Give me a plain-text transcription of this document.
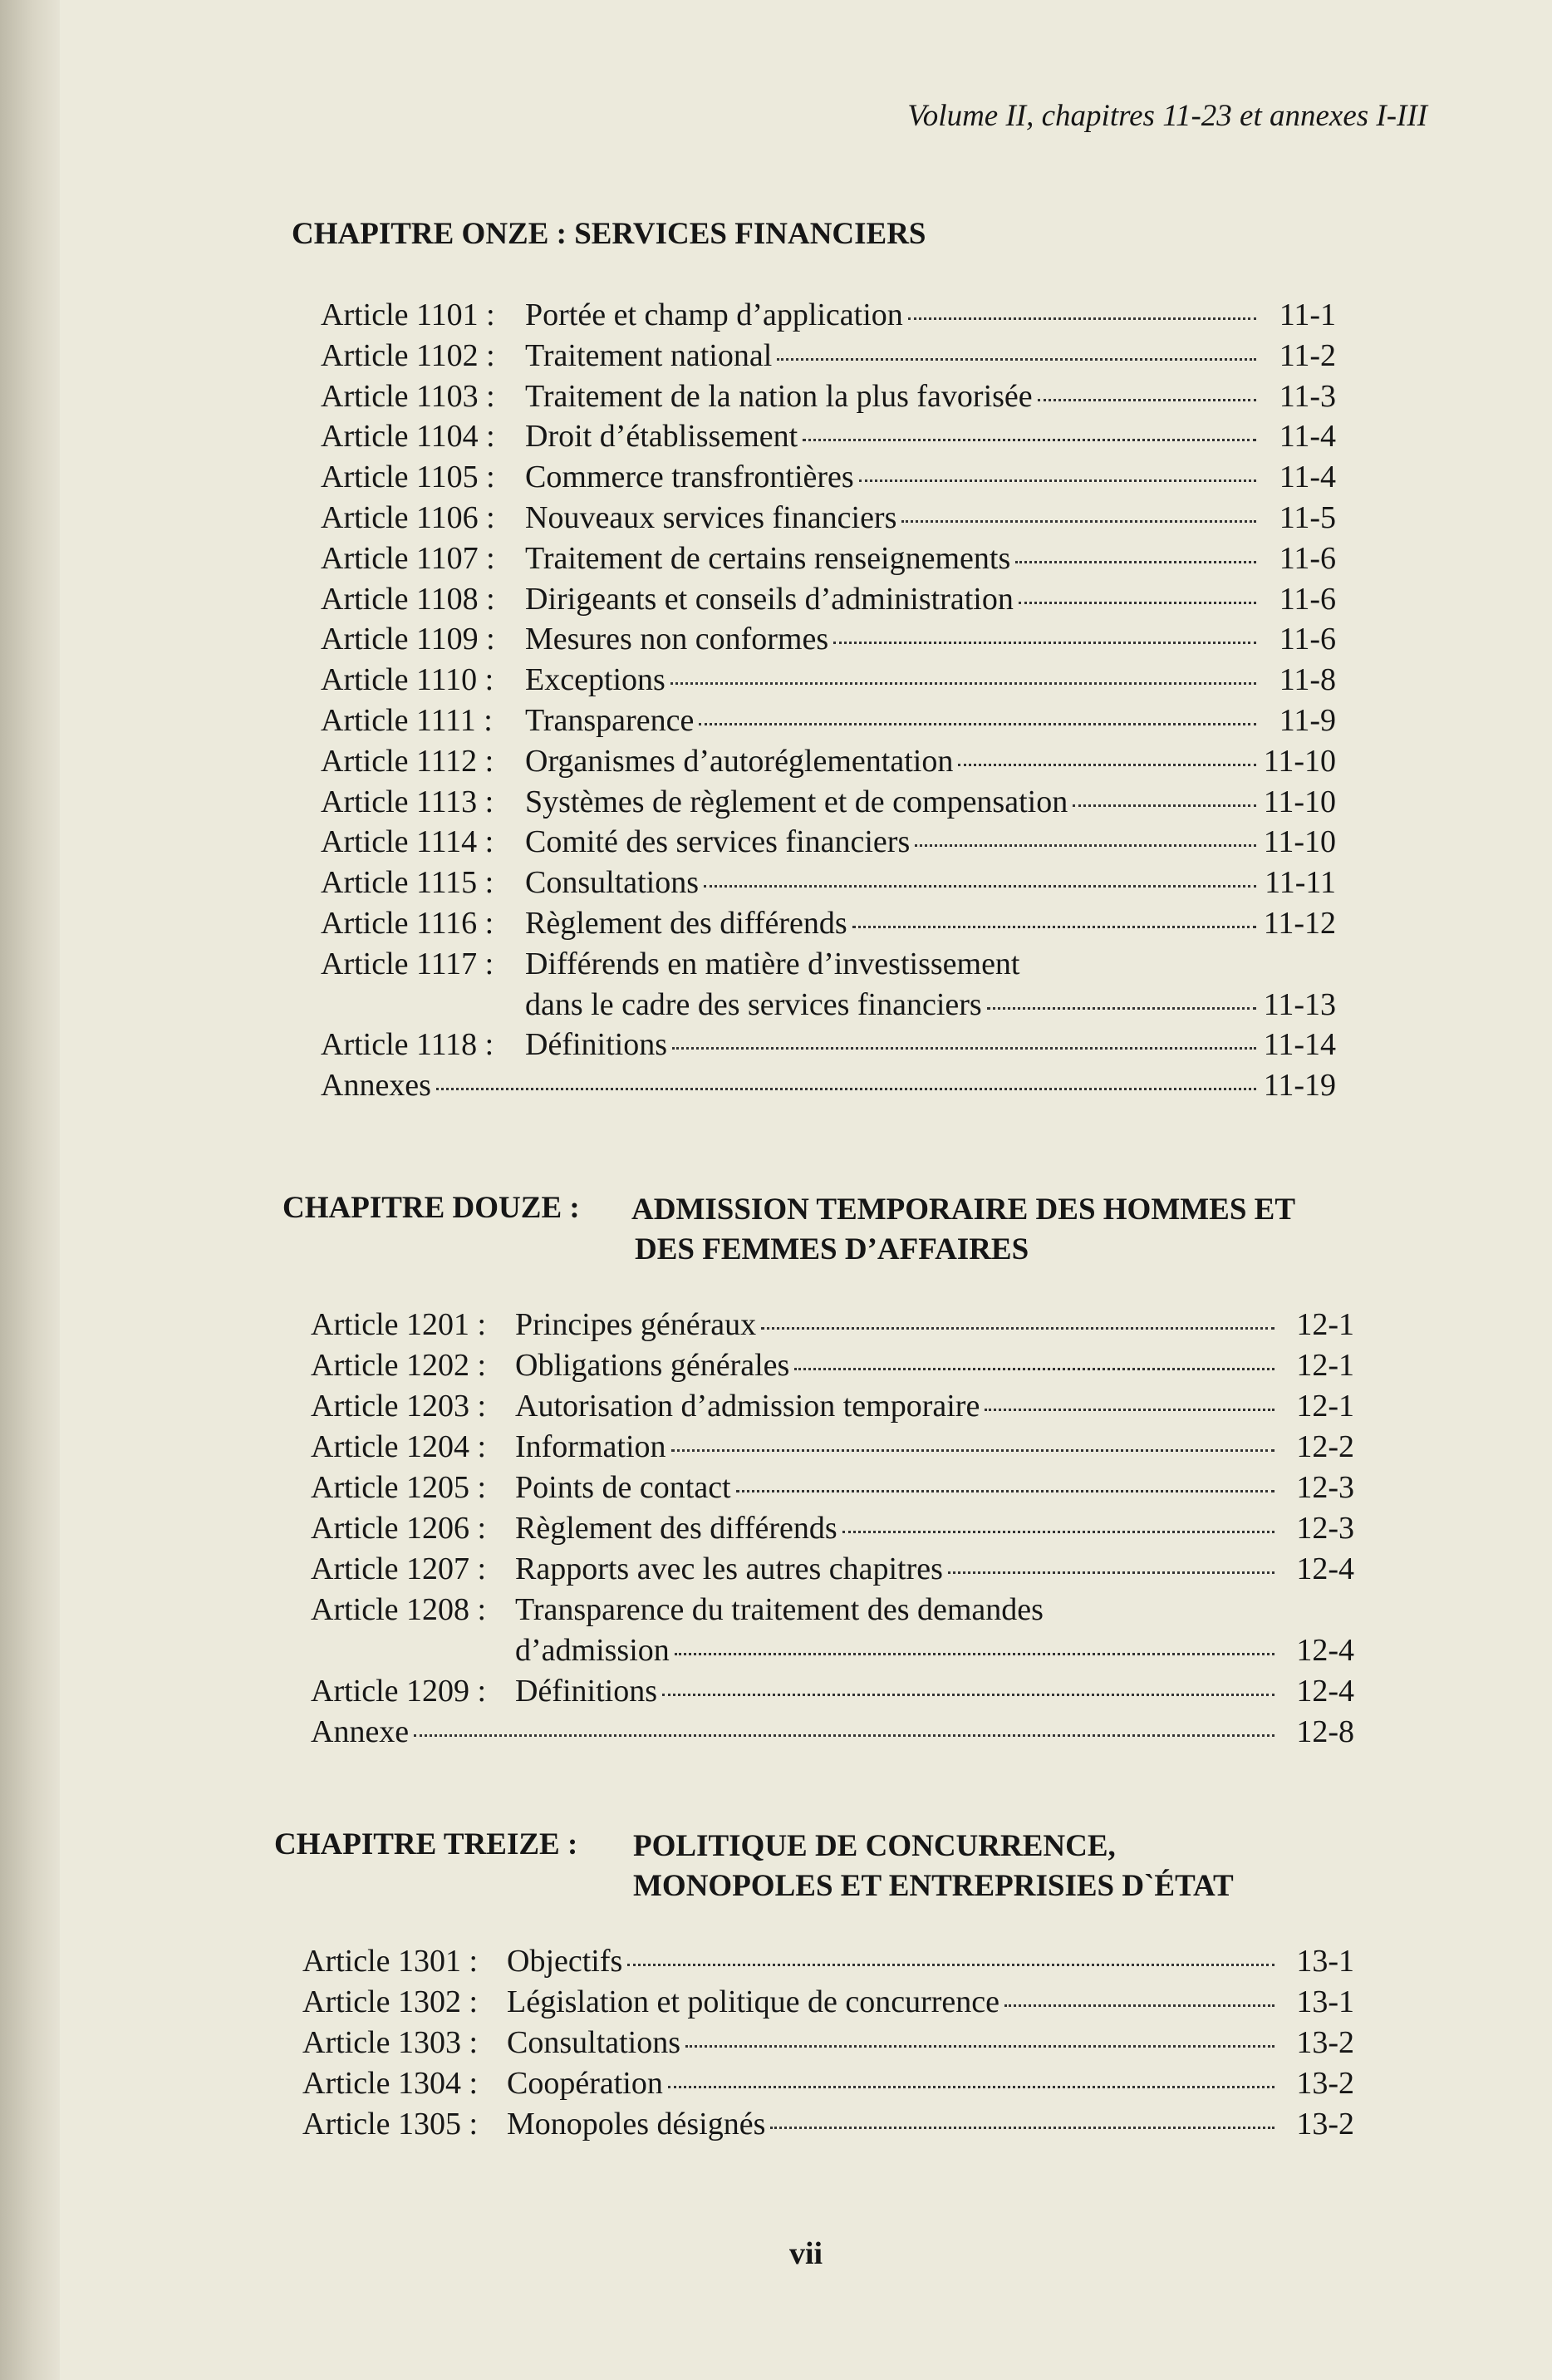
Volume II, chapitres 11-23 et annexes I-III
CHAPITRE ONZE : SERVICES FINANCIERS
Article 1101 : Portée et champ d’application	11-1
Article 1102 : Traitement national	11-2
Article 1103 : Traitement de la nation la plus favorisée	11-3
Article 1104 : Droit d’établissement	11-4
Article 1105 : Commerce transfrontières	11-4
Article 1106 : Nouveaux services financiers	11-5
Article 1107 : Traitement de certains renseignements	11-6
Article 1108 : Dirigeants et conseils d’administration	11-6
Article 1109 : Mesures non conformes	11-6
Article 1110 : Exceptions	11-8
Article 1111 : Transparence	11-9
Article 1112 : Organismes d’autoréglementation	11-10
Article 1113 : Systèmes de règlement et de compensation	11-10
Article 1114 : Comité des services financiers	11-10
Article 1115 : Consultations	11-11
Article 1116 : Règlement des différends	11-12
Article 1117 : Différends en matière d’investissement
dans le cadre des services financiers	11-13
Article 1118 : Définitions	11-14
Annexes	11-19
CHAPITRE DOUZE : ADMISSION TEMPORAIRE DES HOMMES ET
DES FEMMES D’AFFAIRES
Article 1201 : Principes généraux	12-1
Article 1202 : Obligations générales	12-1
Article 1203 : Autorisation d’admission temporaire	12-1
Article 1204 : Information	12-2
Article 1205 : Points de contact	12-3
Article 1206 : Règlement des différends	12-3
Article 1207 : Rapports avec les autres chapitres	12-4
Article 1208 : Transparence du traitement des demandes
d’admission	12-4
Article 1209 : Définitions	12-4
Annexe	12-8
CHAPITRE TREIZE : POLITIQUE DE CONCURRENCE,
MONOPOLES ET ENTREPRISIES D`ÉTAT
Article 1301 : Objectifs	13-1
Article 1302 : Législation et politique de concurrence	13-1
Article 1303 : Consultations	13-2
Article 1304 : Coopération	13-2
Article 1305 : Monopoles désignés	13-2
vii
